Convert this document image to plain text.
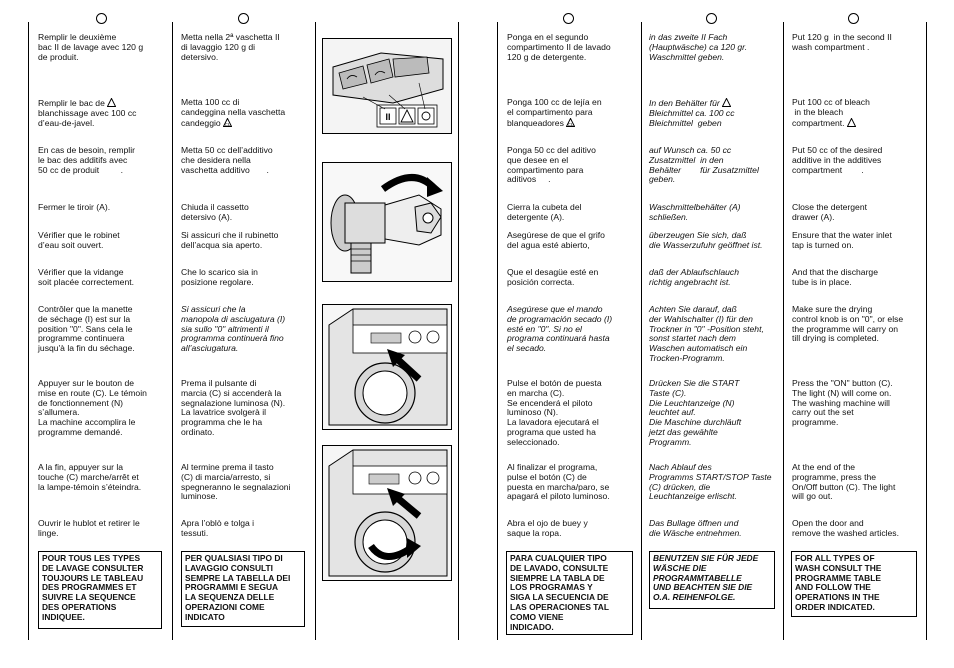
Remplir le deuxième
bac II de lavage avec 120 g
de produit.
Remplir le bac de
blanchissage avec 100 cc
d’eau-de-javel.
En cas de besoin, remplir
le bac des additifs avec
50 cc de produit         .
Fermer le tiroir (A).
Vérifier que le robinet
d’eau soit ouvert.
Vérifier que la vidange
soit placée correctement.
Contrôler que la manette
de séchage (I) est sur la
position "0". Sans cela le
programme continuera
jusqu'à la fin du séchage.
Appuyer sur le bouton de
mise en route (C). Le témoin
de fonctionnement (N)
s’allumera.
La machine accomplira le
programme demandé.
A la fin, appuyer sur la
touche (C) marche/arrêt et
la lampe-témoin s’éteindra.
Ouvrir le hublot et retirer le
linge.
POUR TOUS LES TYPES
DE LAVAGE CONSULTER
TOUJOURS LE TABLEAU
DES PROGRAMMES ET
SUIVRE LA SEQUENCE
DES OPERATIONS
INDIQUEE.
Metta nella 2ª vaschetta II
di lavaggio 120 g di
detersivo.
Metta 100 cc di
candeggina nella vaschetta
candeggio CL
Metta 50 cc dell’additivo
che desidera nella
vaschetta additivo       .
Chiuda il cassetto
detersivo (A).
Si assicuri che il rubinetto
dell’acqua sia aperto.
Che lo scarico sia in
posizione regolare.
Si assicuri che la
manopola di asciugatura (I)
sia sullo "0" altrimenti il
programma continuerà fino
all’asciugatura.
Prema il pulsante di
marcia (C) si accenderà la
segnalazione luminosa (N).
La lavatrice svolgerà il
programma che le ha
ordinato.
Al termine prema il tasto
(C) di marcia/arresto, si
spegneranno le segnalazioni
luminose.
Apra l’oblò e tolga i
tessuti.
PER QUALSIASI TIPO DI
LAVAGGIO CONSULTI
SEMPRE LA TABELLA DEI
PROGRAMMI E SEGUA
LA SEQUENZA DELLE
OPERAZIONI COME
INDICATO
II
Ponga en el segundo
compartimento II de lavado
120 g de detergente.
Ponga 100 cc de lejía en
el compartimento para
blanqueadores CL
Ponga 50 cc del aditivo
que desee en el
compartimento para
aditivos     .
Cierra la cubeta del
detergente (A).
Asegúrese de que el grifo
del agua esté abierto,
Que el desagüe esté en
posición correcta.
Asegúrese que el mando
de programación secado (I)
esté en "0". Si no el
programa continuará hasta
el secado.
Pulse el botón de puesta
en marcha (C).
Se encenderá el piloto
luminoso (N).
La lavadora ejecutará el
programa que usted ha
seleccionado.
Al finalizar el programa,
pulse el botón (C) de
puesta en marcha/paro, se
apagará el piloto luminoso.
Abra el ojo de buey y
saque la ropa.
PARA CUALQUIER TIPO
DE LAVADO, CONSULTE
SIEMPRE LA TABLA DE
LOS PROGRAMAS Y
SIGA LA SECUENCIA DE
LAS OPERACIONES TAL
COMO VIENE
INDICADO.
in das zweite II Fach
(Hauptwäsche) ca 120 gr.
Waschmittel geben.
In den Behälter für
Bleichmittel ca. 100 cc
Bleichmittel  geben
auf Wunsch ca. 50 cc
Zusatzmittel  in den
Behälter        für Zusatzmittel
geben.
Waschmittelbehälter (A)
schließen.
überzeugen Sie sich, daß
die Wasserzufuhr geöffnet ist.
daß der Ablaufschlauch
richtig angebracht ist.
Achten Sie darauf, daß
der Wahlschalter (I) für den
Trockner in "0" -Position steht,
sonst startet nach dem
Waschen automatisch ein
Trocken-Programm.
Drücken Sie die START
Taste (C).
Die Leuchtanzeige (N)
leuchtet auf.
Die Maschine durchläuft
jetzt das gewählte
Programm.
Nach Ablauf des
Programms START/STOP Taste
(C) drücken, die
Leuchtanzeige erlischt.
Das Bullage öffnen und
die Wäsche entnehmen.
BENUTZEN SIE FÜR JEDE
WÄSCHE DIE
PROGRAMMTABELLE
UND BEACHTEN SIE DIE
O.A. REIHENFOLGE.
Put 120 g  in the second II
wash compartment .
Put 100 cc of bleach
in the bleach
compartment.
Put 50 cc of the desired
additive in the additives
compartment        .
Close the detergent
drawer (A).
Ensure that the water inlet
tap is turned on.
And that the discharge
tube is in place.
Make sure the drying
control knob is on "0", or else
the programme will carry on
till drying is completed.
Press the "ON" button (C).
The light (N) will come on.
The washing machine will
carry out the set
programme.
At the end of the
programme, press the
On/Off button (C). The light
will go out.
Open the door and
remove the washed articles.
FOR ALL TYPES OF
WASH CONSULT THE
PROGRAMME TABLE
AND FOLLOW THE
OPERATIONS IN THE
ORDER INDICATED.
